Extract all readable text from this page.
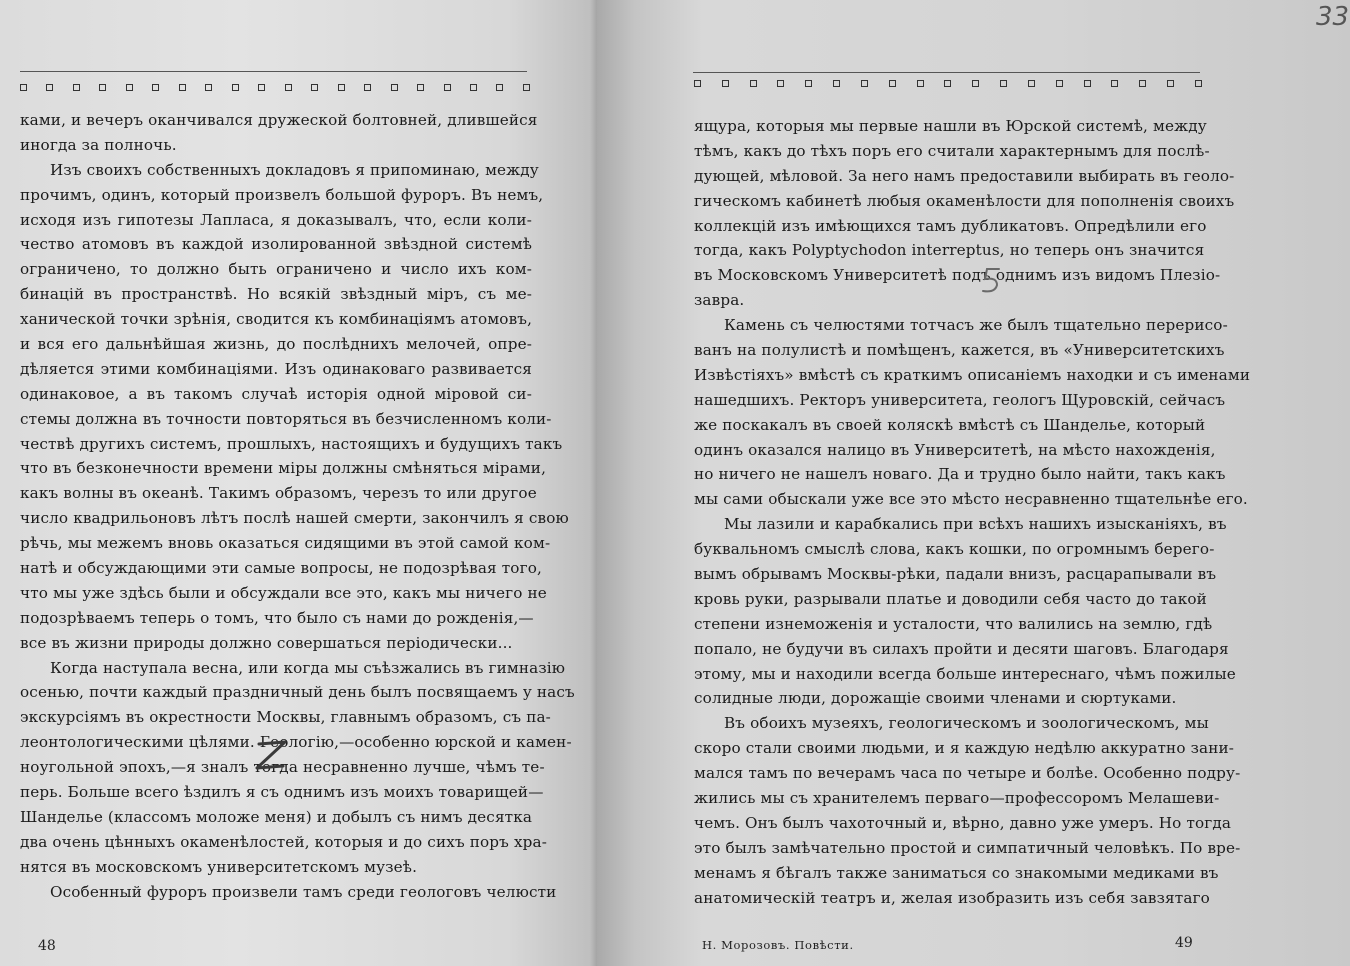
ками, и вечеръ оканчивался дружеской болтовней, длившейся
иногда за полночь.
Изъ своихъ собственныхъ докладовъ я припоминаю, между
прочимъ, одинъ, который произвелъ большой фуроръ. Въ немъ,
исходя изъ гипотезы Лапласа, я доказывалъ, что, если коли-
чество атомовъ въ каждой изолированной звѣздной системѣ
ограничено, то должно быть ограничено и число ихъ ком-
бинацій въ пространствѣ. Но всякій звѣздный міръ, съ ме-
ханической точки зрѣнія, сводится къ комбинаціямъ атомовъ,
и вся его дальнѣйшая жизнь, до послѣднихъ мелочей, опре-
дѣляется этими комбинаціями. Изъ одинаковаго развивается
одинаковое, а въ такомъ случаѣ исторія одной міровой си-
стемы должна въ точности повторяться въ безчисленномъ коли-
чествѣ другихъ системъ, прошлыхъ, настоящихъ и будущихъ такъ
что въ безконечности времени міры должны смѣняться мірами,
какъ волны въ океанѣ. Такимъ образомъ, черезъ то или другое
число квадрильоновъ лѣтъ послѣ нашей смерти, закончилъ я свою
рѣчь, мы межемъ вновь оказаться сидящими въ этой самой ком-
натѣ и обсуждающими эти самые вопросы, не подозрѣвая того,
что мы уже здѣсь были и обсуждали все это, какъ мы ничего не
подозрѣваемъ теперь о томъ, что было съ нами до рожденія,—
все въ жизни природы должно совершаться періодически...
Когда наступала весна, или когда мы съѣзжались въ гимназію
осенью, почти каждый праздничный день былъ посвящаемъ у насъ
экскурсіямъ въ окрестности Москвы, главнымъ образомъ, съ па-
леонтологическими цѣлями. Геологію,—особенно юрской и камен-
ноугольной эпохъ,—я зналъ тогда несравненно лучше, чѣмъ те-
перь. Больше всего ѣздилъ я съ однимъ изъ моихъ товарищей—
Шанделье (классомъ моложе меня) и добылъ съ нимъ десятка
два очень цѣнныхъ окаменѣлостей, которыя и до сихъ поръ хра-
нятся въ московскомъ университетскомъ музеѣ.
Особенный фуроръ произвели тамъ среди геологовъ челюсти
48
33
ящура, которыя мы первые нашли въ Юрской системѣ, между
тѣмъ, какъ до тѣхъ поръ его считали характернымъ для послѣ-
дующей, мѣловой. За него намъ предоставили выбирать въ геоло-
гическомъ кабинетѣ любыя окаменѣлости для пополненія своихъ
коллекцій изъ имѣющихся тамъ дубликатовъ. Опредѣлили его
тогда, какъ Polyptychodon interreptus, но теперь онъ значится
въ Московскомъ Университетѣ подъ однимъ изъ видомъ Плезіо-
завра.
Камень съ челюстями тотчасъ же былъ тщательно перерисо-
ванъ на полулистѣ и помѣщенъ, кажется, въ «Университетскихъ
Извѣстіяхъ» вмѣстѣ съ краткимъ описаніемъ находки и съ именами
нашедшихъ. Ректоръ университета, геологъ Щуровскій, сейчасъ
же поскакалъ въ своей коляскѣ вмѣстѣ съ Шанделье, который
одинъ оказался налицо въ Университетѣ, на мѣсто нахожденія,
но ничего не нашелъ новаго. Да и трудно было найти, такъ какъ
мы сами обыскали уже все это мѣсто несравненно тщательнѣе его.
Мы лазили и карабкались при всѣхъ нашихъ изысканіяхъ, въ
буквальномъ смыслѣ слова, какъ кошки, по огромнымъ берего-
вымъ обрывамъ Москвы-рѣки, падали внизъ, расцарапывали въ
кровь руки, разрывали платье и доводили себя часто до такой
степени изнеможенія и усталости, что валились на землю, гдѣ
попало, не будучи въ силахъ пройти и десяти шаговъ. Благодаря
этому, мы и находили всегда больше интереснаго, чѣмъ пожилые
солидные люди, дорожащіе своими членами и сюртуками.
Въ обоихъ музеяхъ, геологическомъ и зоологическомъ, мы
скоро стали своими людьми, и я каждую недѣлю аккуратно зани-
мался тамъ по вечерамъ часа по четыре и болѣе. Особенно подру-
жились мы съ хранителемъ перваго—профессоромъ Мелашеви-
чемъ. Онъ былъ чахоточный и, вѣрно, давно уже умеръ. Но тогда
это былъ замѣчательно простой и симпатичный человѣкъ. По вре-
менамъ я бѣгалъ также заниматься со знакомыми медиками въ
анатомическій театръ и, желая изобразить изъ себя завзятаго
Н. Морозовъ. Повѣсти.	49
